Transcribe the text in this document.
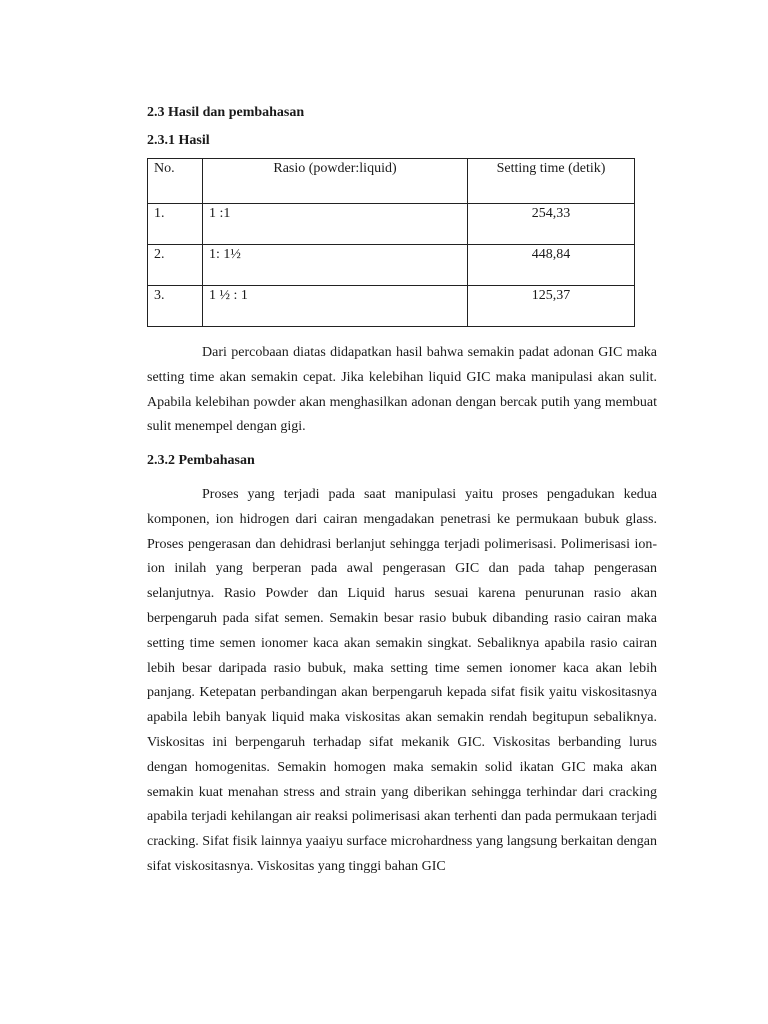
2.3 Hasil dan pembahasan
2.3.1 Hasil
No.	Rasio (powder:liquid)	Setting time (detik)
1.	1 :1	254,33
2.	1: 1½	448,84
3.	1 ½ : 1	125,37

Dari percobaan diatas didapatkan hasil bahwa semakin padat adonan GIC maka setting time akan semakin cepat. Jika kelebihan liquid GIC maka manipulasi akan sulit. Apabila kelebihan powder akan menghasilkan adonan dengan bercak putih yang membuat sulit menempel dengan gigi.

2.3.2 Pembahasan

Proses yang terjadi pada saat manipulasi yaitu proses pengadukan kedua komponen, ion hidrogen dari cairan mengadakan penetrasi ke permukaan bubuk glass. Proses pengerasan dan dehidrasi berlanjut sehingga terjadi polimerisasi. Polimerisasi ion-ion inilah yang berperan pada awal pengerasan GIC dan pada tahap pengerasan selanjutnya. Rasio Powder dan Liquid harus sesuai karena penurunan rasio akan berpengaruh pada sifat semen. Semakin besar rasio bubuk dibanding rasio cairan maka setting time semen ionomer kaca akan semakin singkat. Sebaliknya apabila rasio cairan lebih besar daripada rasio bubuk, maka setting time semen ionomer kaca akan lebih panjang. Ketepatan perbandingan akan berpengaruh kepada sifat fisik yaitu viskositasnya apabila lebih banyak liquid maka viskositas akan semakin rendah begitupun sebaliknya. Viskositas ini berpengaruh terhadap sifat mekanik GIC. Viskositas berbanding lurus dengan homogenitas. Semakin homogen maka semakin solid ikatan GIC maka akan semakin kuat menahan stress and strain yang diberikan sehingga terhindar dari cracking apabila terjadi kehilangan air reaksi polimerisasi akan terhenti dan pada permukaan terjadi cracking. Sifat fisik lainnya yaaiyu surface microhardness yang langsung berkaitan dengan sifat viskositasnya. Viskositas yang tinggi bahan GIC
